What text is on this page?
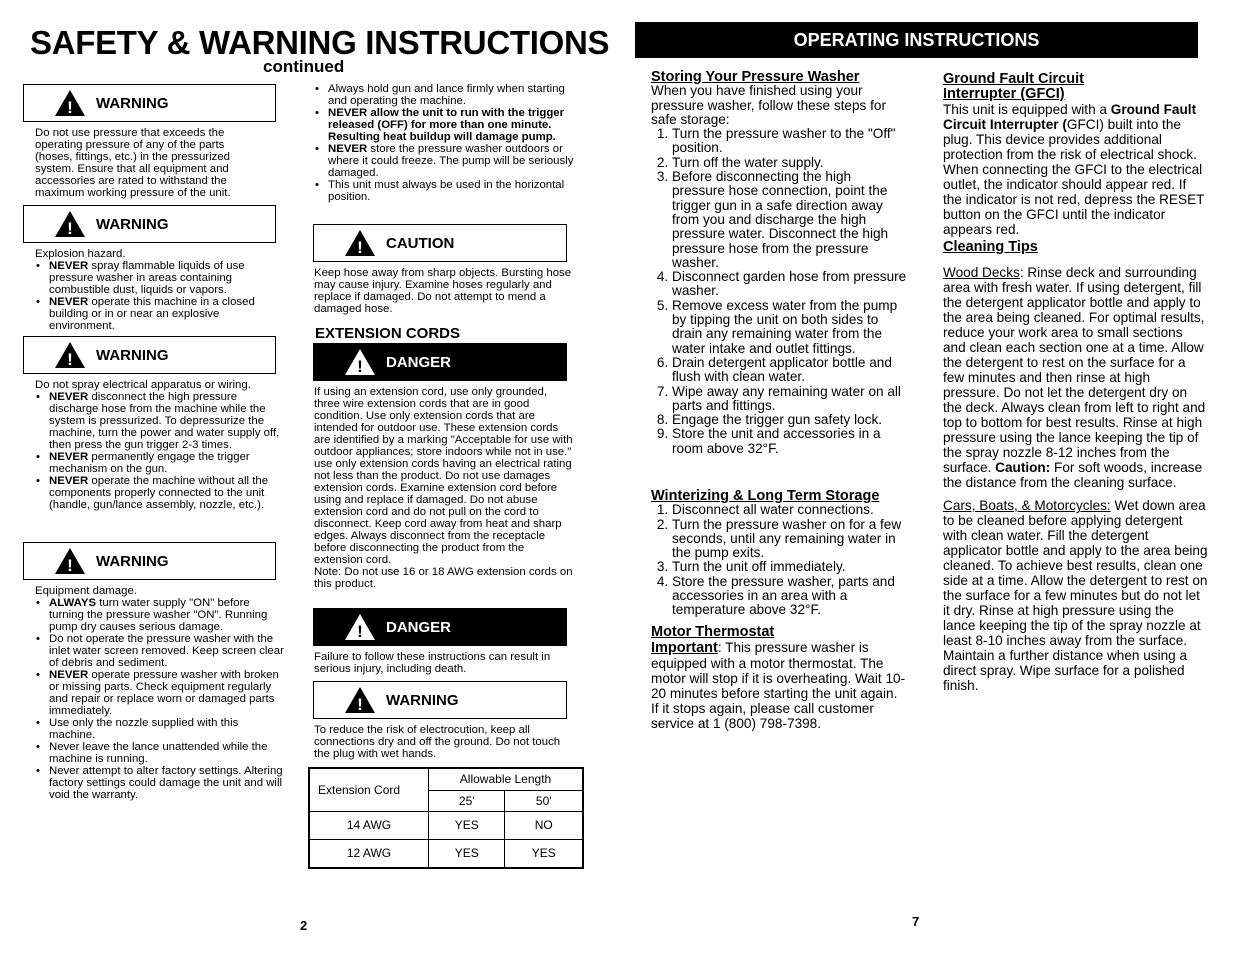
SAFETY & WARNING INSTRUCTIONS
continued
! WARNING

Do not use pressure that exceeds the operating pressure of any of the parts (hoses, fittings, etc.) in the pressurized system. Ensure that all equipment and accessories are rated to withstand the maximum working pressure of the unit.

! WARNING

Explosion hazard.

• NEVER spray flammable liquids of use pressure washer in areas containing combustible dust, liquids or vapors.
• NEVER operate this machine in a closed building or in or near an explosive environment.
! WARNING

Do not spray electrical apparatus or wiring.

• NEVER disconnect the high pressure discharge hose from the machine while the system is pressurized. To depressurize the machine, turn the power and water supply off, then press the gun trigger 2-3 times.
• NEVER permanently engage the trigger mechanism on the gun.
• NEVER operate the machine without all the components properly connected to the unit (handle, gun/lance assembly, nozzle, etc.).
! WARNING

Equipment damage.

• ALWAYS turn water supply "ON" before turning the pressure washer "ON". Running pump dry causes serious damage.
• Do not operate the pressure washer with the inlet water screen removed. Keep screen clear of debris and sediment.
• NEVER operate pressure washer with broken or missing parts. Check equipment regularly and repair or replace worn or damaged parts immediately.
• Use only the nozzle supplied with this machine.
• Never leave the lance unattended while the machine is running.
• Never attempt to alter factory settings. Altering factory settings could damage the unit and will void the warranty.
• Always hold gun and lance firmly when starting and operating the machine.
• NEVER allow the unit to run with the trigger released (OFF) for more than one minute. Resulting heat buildup will damage pump.
• NEVER store the pressure washer outdoors or where it could freeze. The pump will be seriously damaged.
• This unit must always be used in the horizontal position.
! CAUTION

Keep hose away from sharp objects. Bursting hose may cause injury. Examine hoses regularly and replace if damaged. Do not attempt to mend a damaged hose.

EXTENSION CORDS
! DANGER

If using an extension cord, use only grounded, three wire extension cords that are in good condition. Use only extension cords that are intended for outdoor use. These extension cords are identified by a marking "Acceptable for use with outdoor appliances; store indoors while not in use." use only extension cords having an electrical rating not less than the product. Do not use damages extension cords. Examine extension cord before using and replace if damaged. Do not abuse extension cord and do not pull on the cord to disconnect. Keep cord away from heat and sharp edges. Always disconnect from the receptacle before disconnecting the product from the extension cord.

Note: Do not use 16 or 18 AWG extension cords on this product.

! DANGER

Failure to follow these instructions can result in serious injury, including death.

! WARNING

To reduce the risk of electrocution, keep all connections dry and off the ground. Do not touch the plug with wet hands.

Extension Cord	Allowable Length	
	25'	50'
14 AWG	YES	NO
12 AWG	YES	YES
2
OPERATING INSTRUCTIONS
Storing Your Pressure Washer

When you have finished using your pressure washer, follow these steps for safe storage:

1. Turn the pressure washer to the "Off" position.
2. Turn off the water supply.
3. Before disconnecting the high pressure hose connection, point the trigger gun in a safe direction away from you and discharge the high pressure water. Disconnect the high pressure hose from the pressure washer.
4. Disconnect garden hose from pressure washer.
5. Remove excess water from the pump by tipping the unit on both sides to drain any remaining water from the water intake and outlet fittings.
6. Drain detergent applicator bottle and flush with clean water.
7. Wipe away any remaining water on all parts and fittings.
8. Engage the trigger gun safety lock.
9. Store the unit and accessories in a room above 32°F.
Winterizing & Long Term Storage
1. Disconnect all water connections.
2. Turn the pressure washer on for a few seconds, until any remaining water in the pump exits.
3. Turn the unit off immediately.
4. Store the pressure washer, parts and accessories in an area with a temperature above 32°F.
Motor Thermostat

Important: This pressure washer is equipped with a motor thermostat. The motor will stop if it is overheating. Wait 10-20 minutes before starting the unit again. If it stops again, please call customer service at 1 (800) 798-7398.

Ground Fault Circuit
Interrupter (GFCI)

This unit is equipped with a Ground Fault Circuit Interrupter (GFCI) built into the plug. This device provides additional protection from the risk of electrical shock. When connecting the GFCI to the electrical outlet, the indicator should appear red. If the indicator is not red, depress the RESET button on the GFCI until the indicator appears red.

Cleaning Tips

Wood Decks: Rinse deck and surrounding area with fresh water. If using detergent, fill the detergent applicator bottle and apply to the area being cleaned. For optimal results, reduce your work area to small sections and clean each section one at a time. Allow the detergent to rest on the surface for a few minutes and then rinse at high pressure. Do not let the detergent dry on the deck. Always clean from left to right and top to bottom for best results. Rinse at high pressure using the lance keeping the tip of the spray nozzle 8-12 inches from the surface. Caution: For soft woods, increase the distance from the cleaning surface.

Cars, Boats, & Motorcycles: Wet down area to be cleaned before applying detergent with clean water. Fill the detergent applicator bottle and apply to the area being cleaned. To achieve best results, clean one side at a time. Allow the detergent to rest on the surface for a few minutes but do not let it dry. Rinse at high pressure using the lance keeping the tip of the spray nozzle at least 8-10 inches away from the surface. Maintain a further distance when using a direct spray. Wipe surface for a polished finish.

7
